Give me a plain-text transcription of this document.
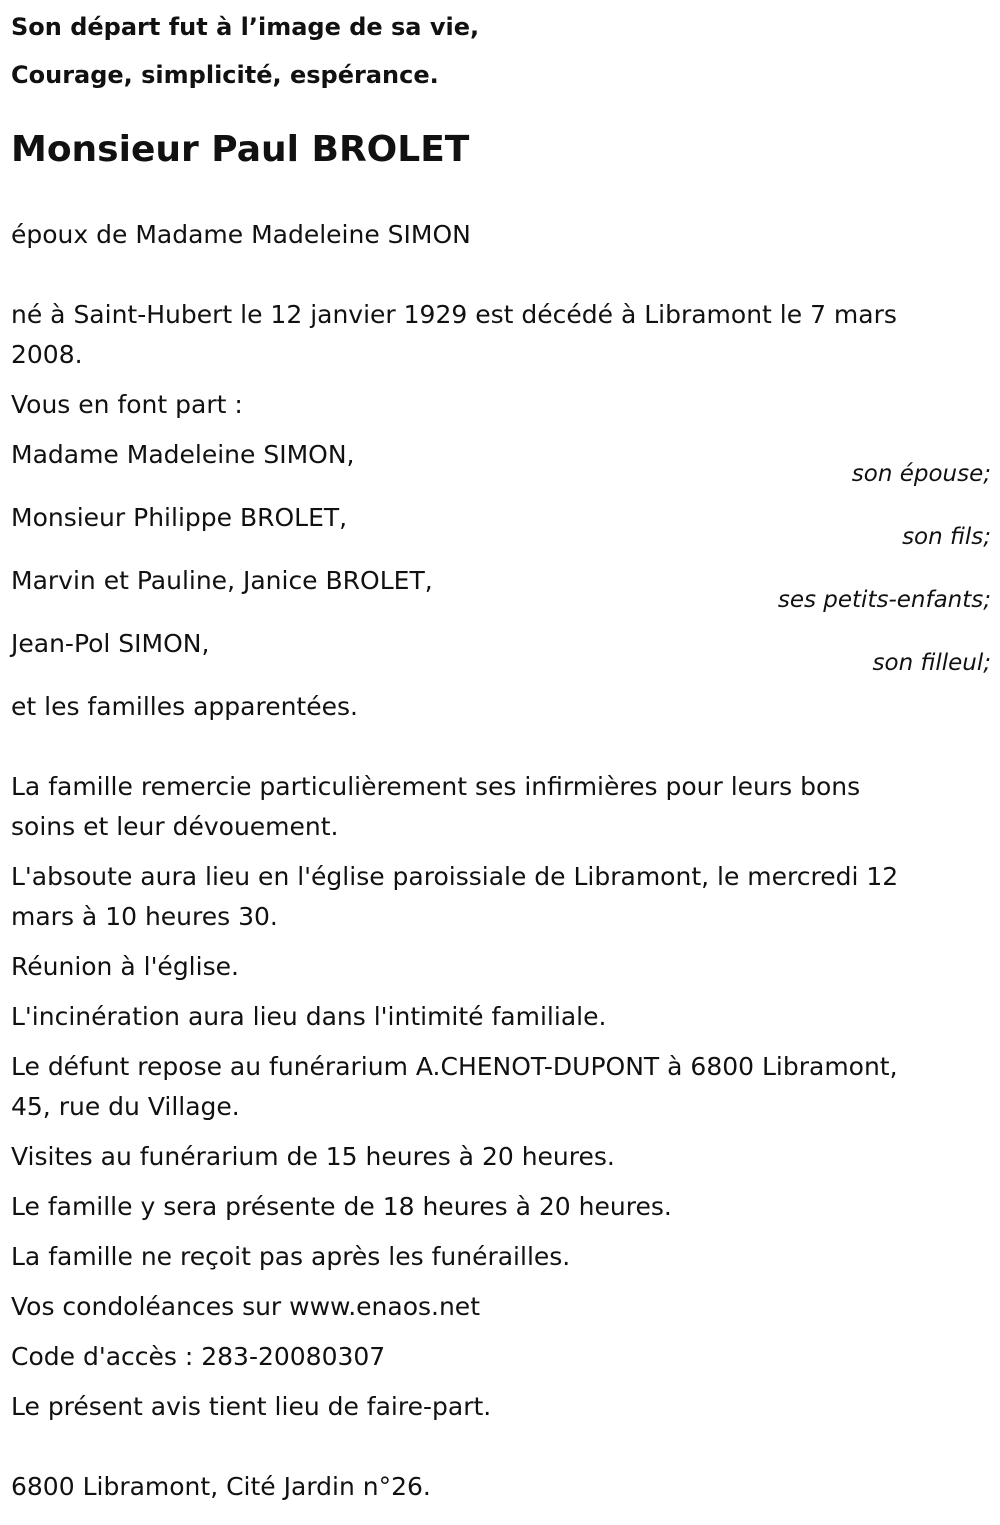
Son départ fut à l’image de sa vie,

Courage, simplicité, espérance.

Monsieur Paul BROLET

époux de Madame Madeleine SIMON

né à Saint-Hubert le 12 janvier 1929 est décédé à Libramont le 7 mars

2008.

Vous en font part :

Madame Madeleine SIMON,
son épouse;
Monsieur Philippe BROLET,
son fils;
Marvin et Pauline, Janice BROLET,
ses petits-enfants;
Jean-Pol SIMON,
son filleul;

et les familles apparentées.

La famille remercie particulièrement ses infirmières pour leurs bons

soins et leur dévouement.

L'absoute aura lieu en l'église paroissiale de Libramont, le mercredi 12

mars à 10 heures 30.

Réunion à l'église.

L'incinération aura lieu dans l'intimité familiale.

Le défunt repose au funérarium A.CHENOT-DUPONT à 6800 Libramont,

45, rue du Village.

Visites au funérarium de 15 heures à 20 heures.

Le famille y sera présente de 18 heures à 20 heures.

La famille ne reçoit pas après les funérailles.

Vos condoléances sur www.enaos.net

Code d'accès : 283-20080307

Le présent avis tient lieu de faire-part.

6800 Libramont, Cité Jardin n°26.
